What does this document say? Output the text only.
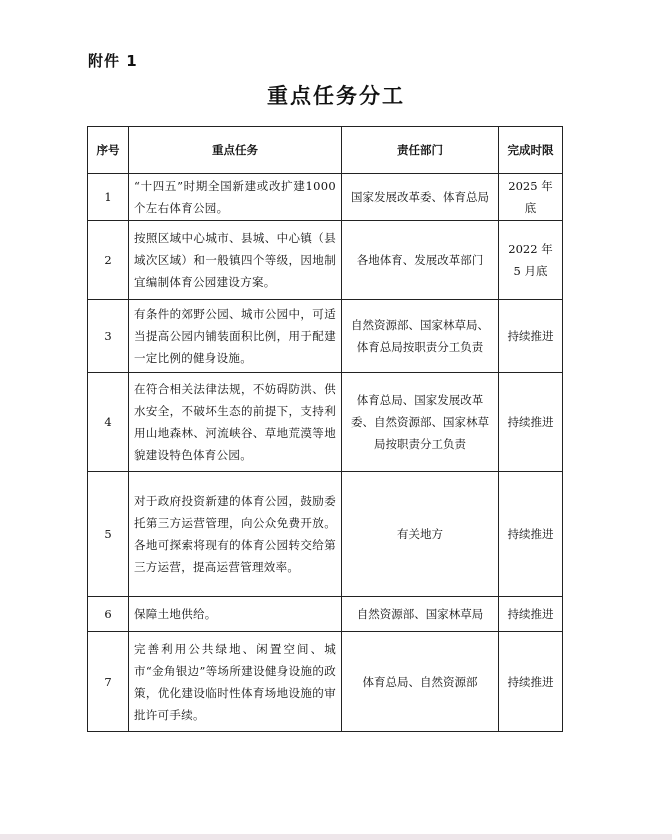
附件 1
重点任务分工
序号	重点任务	责任部门	完成时限
1	“十四五”时期全国新建或改扩建1000个左右体育公园。	国家发展改革委、体育总局	2025 年底
2	按照区域中心城市、县城、中心镇（县域次区域）和一般镇四个等级，因地制宜编制体育公园建设方案。	各地体育、发展改革部门	2022 年 5 月底
3	有条件的郊野公园、城市公园中，可适当提高公园内铺装面积比例，用于配建一定比例的健身设施。	自然资源部、国家林草局、体育总局按职责分工负责	持续推进
4	在符合相关法律法规，不妨碍防洪、供水安全，不破坏生态的前提下，支持利用山地森林、河流峡谷、草地荒漠等地貌建设特色体育公园。	体育总局、国家发展改革委、自然资源部、国家林草局按职责分工负责	持续推进
5	对于政府投资新建的体育公园，鼓励委托第三方运营管理，向公众免费开放。各地可探索将现有的体育公园转交给第三方运营，提高运营管理效率。	有关地方	持续推进
6	保障土地供给。	自然资源部、国家林草局	持续推进
7	完善利用公共绿地、闲置空间、城市“金角银边”等场所建设健身设施的政策，优化建设临时性体育场地设施的审批许可手续。	体育总局、自然资源部	持续推进
